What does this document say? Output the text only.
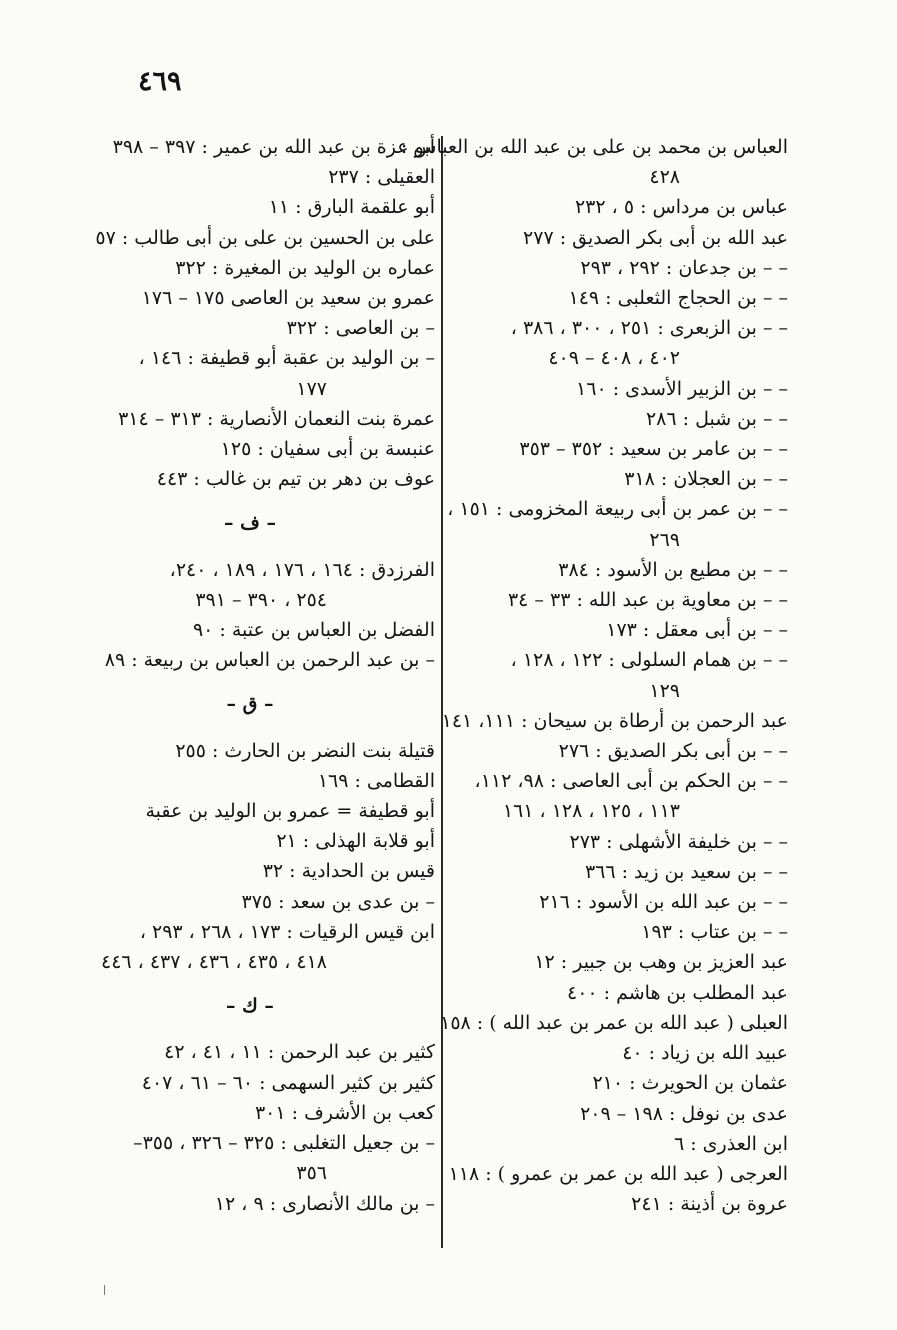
٤٦٩
العباس بن محمد بن على بن عبد الله بن العباس :
٤٢٨
عباس بن مرداس : ٥ ، ٢٣٢
عبد الله بن أبى بكر الصديق : ٢٧٧
– – بن جدعان : ٢٩٢ ، ٢٩٣
– – بن الحجاج الثعلبى : ١٤٩
– – بن الزبعرى : ٢٥١ ، ٣٠٠ ، ٣٨٦ ،
٤٠٢ ، ٤٠٨ – ٤٠٩
– – بن الزبير الأسدى : ١٦٠
– – بن شبل : ٢٨٦
– – بن عامر بن سعيد : ٣٥٢ – ٣٥٣
– – بن العجلان : ٣١٨
– – بن عمر بن أبى ربيعة المخزومى : ١٥١ ،
٢٦٩
– – بن مطيع بن الأسود : ٣٨٤
– – بن معاوية بن عبد الله : ٣٣ – ٣٤
– – بن أبى معقل : ١٧٣
– – بن همام السلولى : ١٢٢ ، ١٢٨ ،
١٢٩
عبد الرحمن بن أرطاة بن سيحان : ١١١، ١٤١
– – بن أبى بكر الصديق : ٢٧٦
– – بن الحكم بن أبى العاصى : ٩٨، ١١٢،
١١٣ ، ١٢٥ ، ١٢٨ ، ١٦١
– – بن خليفة الأشهلى : ٢٧٣
– – بن سعيد بن زيد : ٣٦٦
– – بن عبد الله بن الأسود : ٢١٦
– – بن عتاب : ١٩٣
عبد العزيز بن وهب بن جبير : ١٢
عبد المطلب بن هاشم : ٤٠٠
العبلى ( عبد الله بن عمر بن عبد الله ) : ١٥٨
عبيد الله بن زياد : ٤٠
عثمان بن الحويرث : ٢١٠
عدى بن نوفل : ١٩٨ – ٢٠٩
ابن العذرى : ٦
العرجى ( عبد الله بن عمر بن عمرو ) : ١١٨
عروة بن أذينة : ٢٤١
أبو عزة بن عبد الله بن عمير : ٣٩٧ – ٣٩٨
العقيلى : ٢٣٧
أبو علقمة البارق : ١١
على بن الحسين بن على بن أبى طالب : ٥٧
عماره بن الوليد بن المغيرة : ٣٢٢
عمرو بن سعيد بن العاصى ١٧٥ – ١٧٦
– بن العاصى : ٣٢٢
– بن الوليد بن عقبة أبو قطيفة : ١٤٦ ،
١٧٧
عمرة بنت النعمان الأنصارية : ٣١٣ – ٣١٤
عنبسة بن أبى سفيان : ١٢٥
عوف بن دهر بن تيم بن غالب : ٤٤٣
– ف –
الفرزدق : ١٦٤ ، ١٧٦ ، ١٨٩ ، ٢٤٠،
٢٥٤ ، ٣٩٠ – ٣٩١
الفضل بن العباس بن عتبة : ٩٠
– بن عبد الرحمن بن العباس بن ربيعة : ٨٩
– ق –
قتيلة بنت النضر بن الحارث : ٢٥٥
القطامى : ١٦٩
أبو قطيفة = عمرو بن الوليد بن عقبة
أبو قلابة الهذلى : ٢١
قيس بن الحدادية : ٣٢
– بن عدى بن سعد : ٣٧٥
ابن قيس الرقيات : ١٧٣ ، ٢٦٨ ، ٢٩٣ ،
٤١٨ ، ٤٣٥ ، ٤٣٦ ، ٤٣٧ ، ٤٤٦
– ك –
كثير بن عبد الرحمن : ١١ ، ٤١ ، ٤٢
كثير بن كثير السهمى : ٦٠ – ٦١ ، ٤٠٧
كعب بن الأشرف : ٣٠١
– بن جعيل التغلبى : ٣٢٥ – ٣٢٦ ، ٣٥٥–
٣٥٦
– بن مالك الأنصارى : ٩ ، ١٢
